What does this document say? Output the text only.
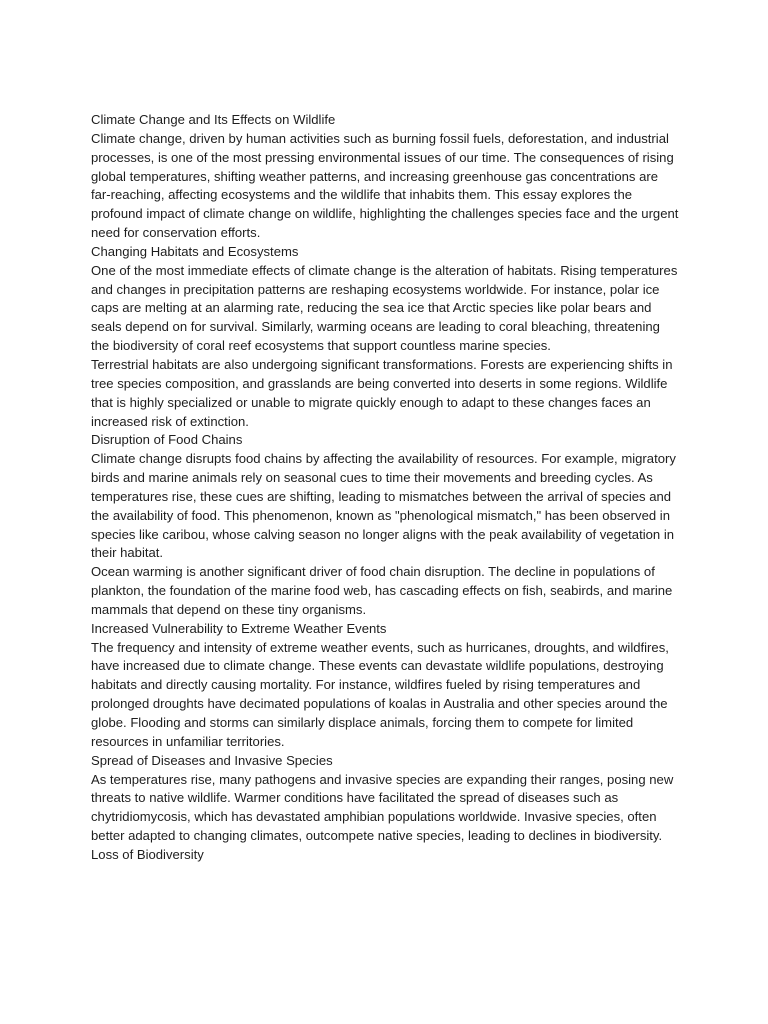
Climate Change and Its Effects on Wildlife

Climate change, driven by human activities such as burning fossil fuels, deforestation, and industrial processes, is one of the most pressing environmental issues of our time. The consequences of rising global temperatures, shifting weather patterns, and increasing greenhouse gas concentrations are far-reaching, affecting ecosystems and the wildlife that inhabits them. This essay explores the profound impact of climate change on wildlife, highlighting the challenges species face and the urgent need for conservation efforts.

Changing Habitats and Ecosystems

One of the most immediate effects of climate change is the alteration of habitats. Rising temperatures and changes in precipitation patterns are reshaping ecosystems worldwide. For instance, polar ice caps are melting at an alarming rate, reducing the sea ice that Arctic species like polar bears and seals depend on for survival. Similarly, warming oceans are leading to coral bleaching, threatening the biodiversity of coral reef ecosystems that support countless marine species.

Terrestrial habitats are also undergoing significant transformations. Forests are experiencing shifts in tree species composition, and grasslands are being converted into deserts in some regions. Wildlife that is highly specialized or unable to migrate quickly enough to adapt to these changes faces an increased risk of extinction.

Disruption of Food Chains

Climate change disrupts food chains by affecting the availability of resources. For example, migratory birds and marine animals rely on seasonal cues to time their movements and breeding cycles. As temperatures rise, these cues are shifting, leading to mismatches between the arrival of species and the availability of food. This phenomenon, known as "phenological mismatch," has been observed in species like caribou, whose calving season no longer aligns with the peak availability of vegetation in their habitat.

Ocean warming is another significant driver of food chain disruption. The decline in populations of plankton, the foundation of the marine food web, has cascading effects on fish, seabirds, and marine mammals that depend on these tiny organisms.

Increased Vulnerability to Extreme Weather Events

The frequency and intensity of extreme weather events, such as hurricanes, droughts, and wildfires, have increased due to climate change. These events can devastate wildlife populations, destroying habitats and directly causing mortality. For instance, wildfires fueled by rising temperatures and prolonged droughts have decimated populations of koalas in Australia and other species around the globe. Flooding and storms can similarly displace animals, forcing them to compete for limited resources in unfamiliar territories.

Spread of Diseases and Invasive Species

As temperatures rise, many pathogens and invasive species are expanding their ranges, posing new threats to native wildlife. Warmer conditions have facilitated the spread of diseases such as chytridiomycosis, which has devastated amphibian populations worldwide. Invasive species, often better adapted to changing climates, outcompete native species, leading to declines in biodiversity.

Loss of Biodiversity
